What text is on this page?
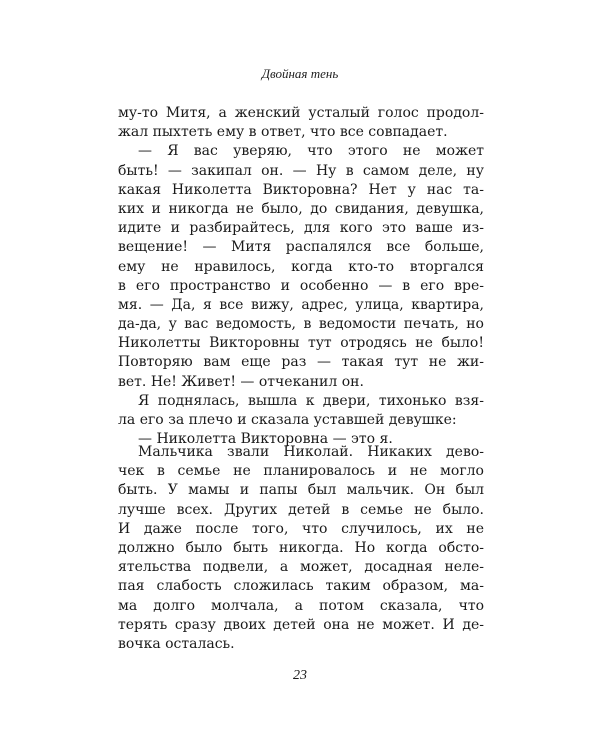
Двойная тень
му-то Митя, а женский усталый голос продол-
жал пыхтеть ему в ответ, что все совпадает.
— Я вас уверяю, что этого не может
быть! — закипал он. — Ну в самом деле, ну
какая Николетта Викторовна? Нет у нас та-
ких и никогда не было, до свидания, девушка,
идите и разбирайтесь, для кого это ваше из-
вещение! — Митя распалялся все больше,
ему не нравилось, когда кто-то вторгался
в его пространство и особенно — в его вре-
мя. — Да, я все вижу, адрес, улица, квартира,
да-да, у вас ведомость, в ведомости печать, но
Николетты Викторовны тут отродясь не было!
Повторяю вам еще раз — такая тут не жи-
вет. Не! Живет! — отчеканил он.
Я поднялась, вышла к двери, тихонько взя-
ла его за плечо и сказала уставшей девушке:
— Николетта Викторовна — это я.
Мальчика звали Николай. Никаких дево-
чек в семье не планировалось и не могло
быть. У мамы и папы был мальчик. Он был
лучше всех. Других детей в семье не было.
И даже после того, что случилось, их не
должно было быть никогда. Но когда обсто-
ятельства подвели, а может, досадная неле-
пая слабость сложилась таким образом, ма-
ма долго молчала, а потом сказала, что
терять сразу двоих детей она не может. И де-
вочка осталась.
23
